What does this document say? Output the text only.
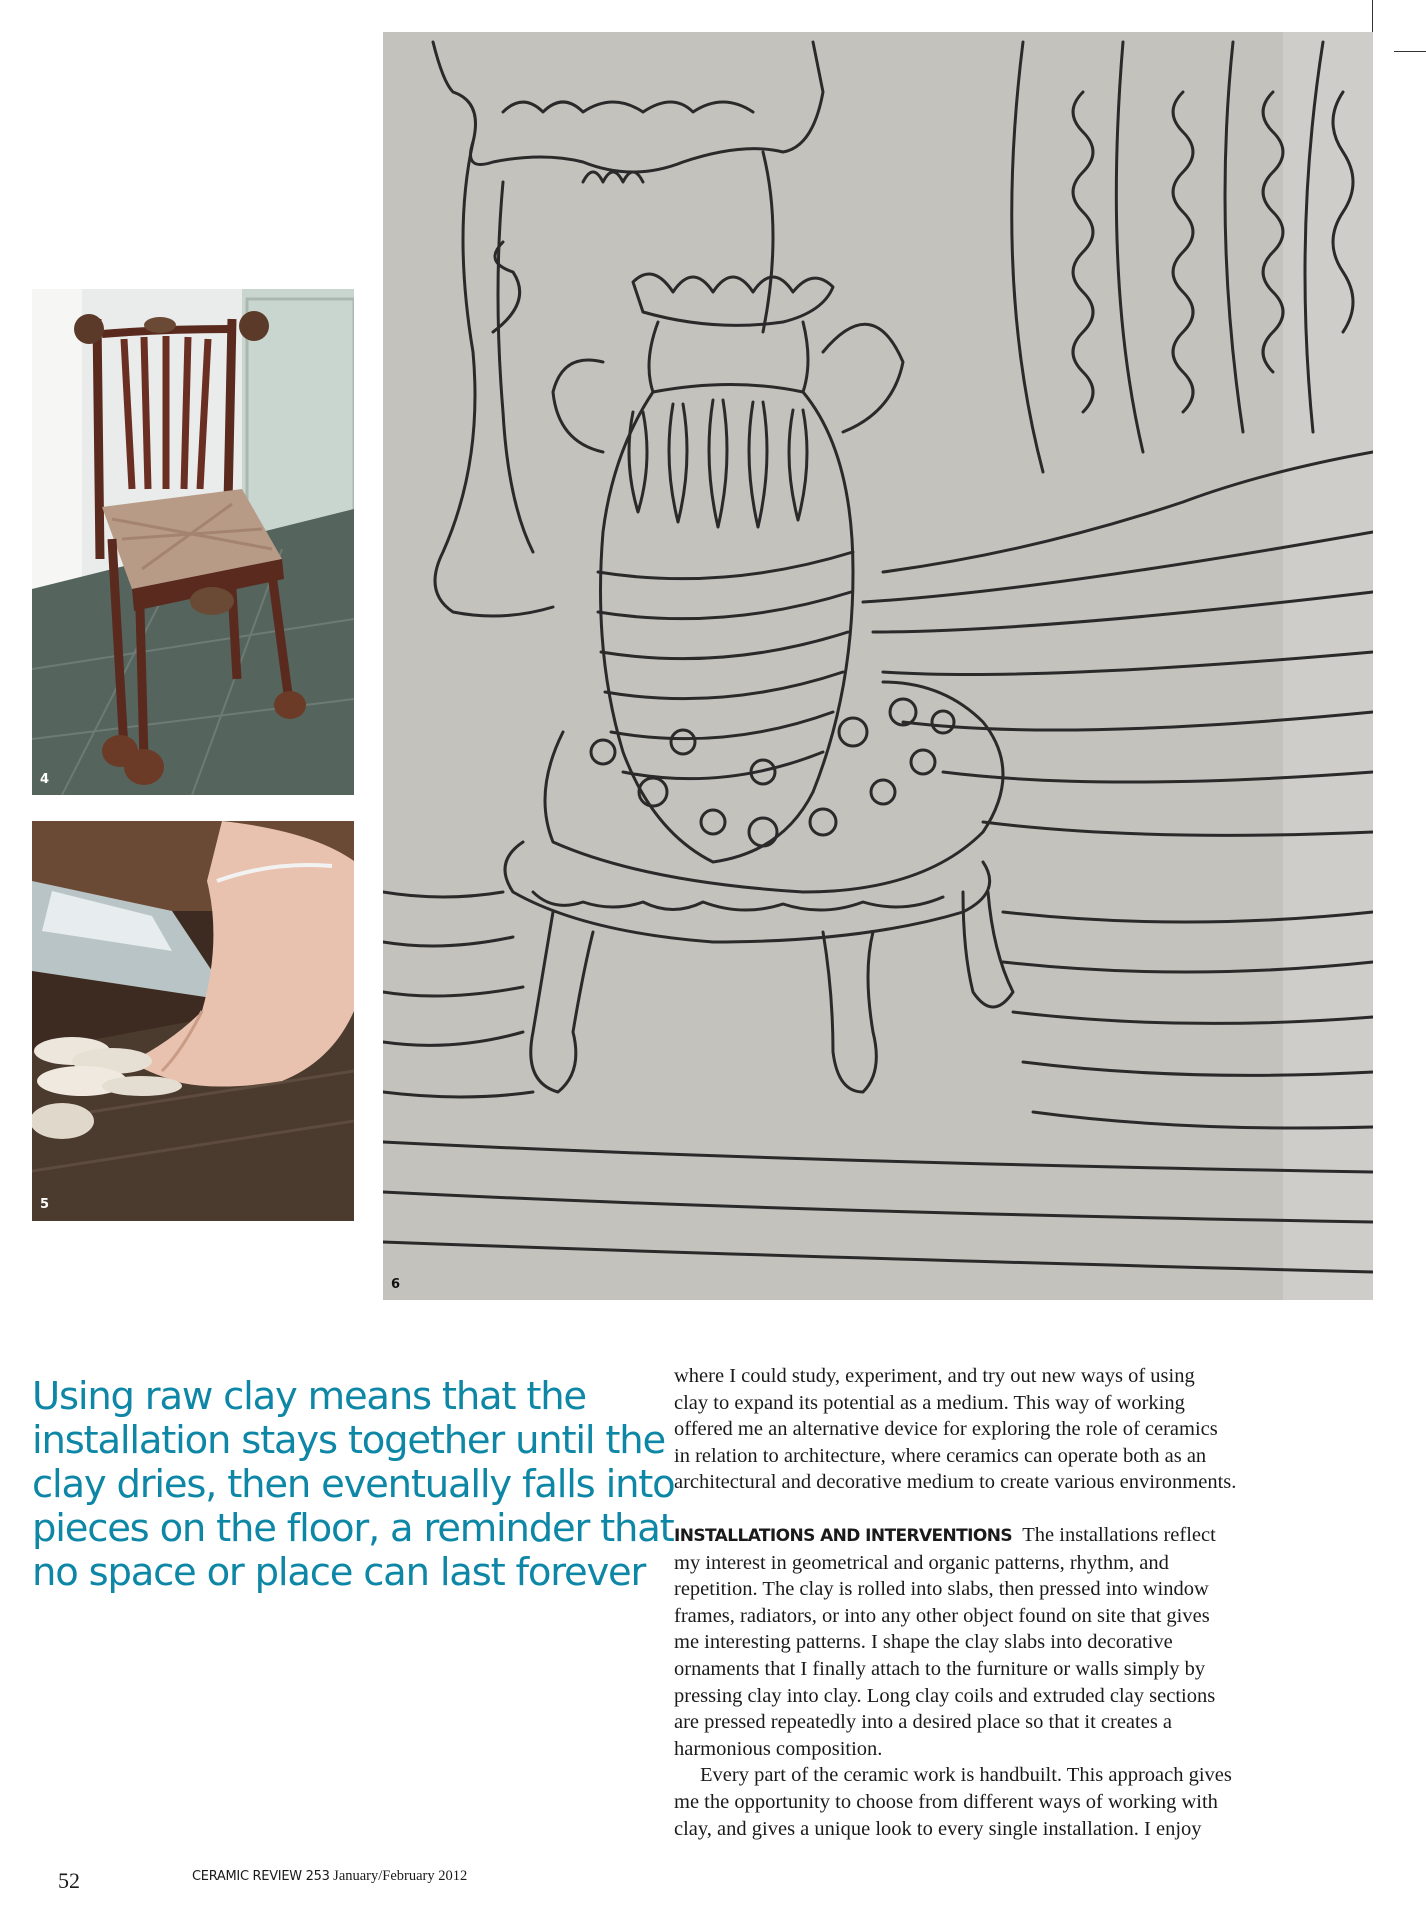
4
5
6
Using raw clay means that the
installation stays together until the
clay dries, then eventually falls into
pieces on the floor, a reminder that
no space or place can last forever
where I could study, experiment, and try out new ways of using
clay to expand its potential as a medium. This way of working
offered me an alternative device for exploring the role of ceramics
in relation to architecture, where ceramics can operate both as an
architectural and decorative medium to create various environments.
INSTALLATIONS AND INTERVENTIONS The installations reflect
my interest in geometrical and organic patterns, rhythm, and
repetition. The clay is rolled into slabs, then pressed into window
frames, radiators, or into any other object found on site that gives
me interesting patterns. I shape the clay slabs into decorative
ornaments that I finally attach to the furniture or walls simply by
pressing clay into clay. Long clay coils and extruded clay sections
are pressed repeatedly into a desired place so that it creates a
harmonious composition.
Every part of the ceramic work is handbuilt. This approach gives
me the opportunity to choose from different ways of working with
clay, and gives a unique look to every single installation. I enjoy
52	CERAMIC REVIEW 253 January/February 2012
